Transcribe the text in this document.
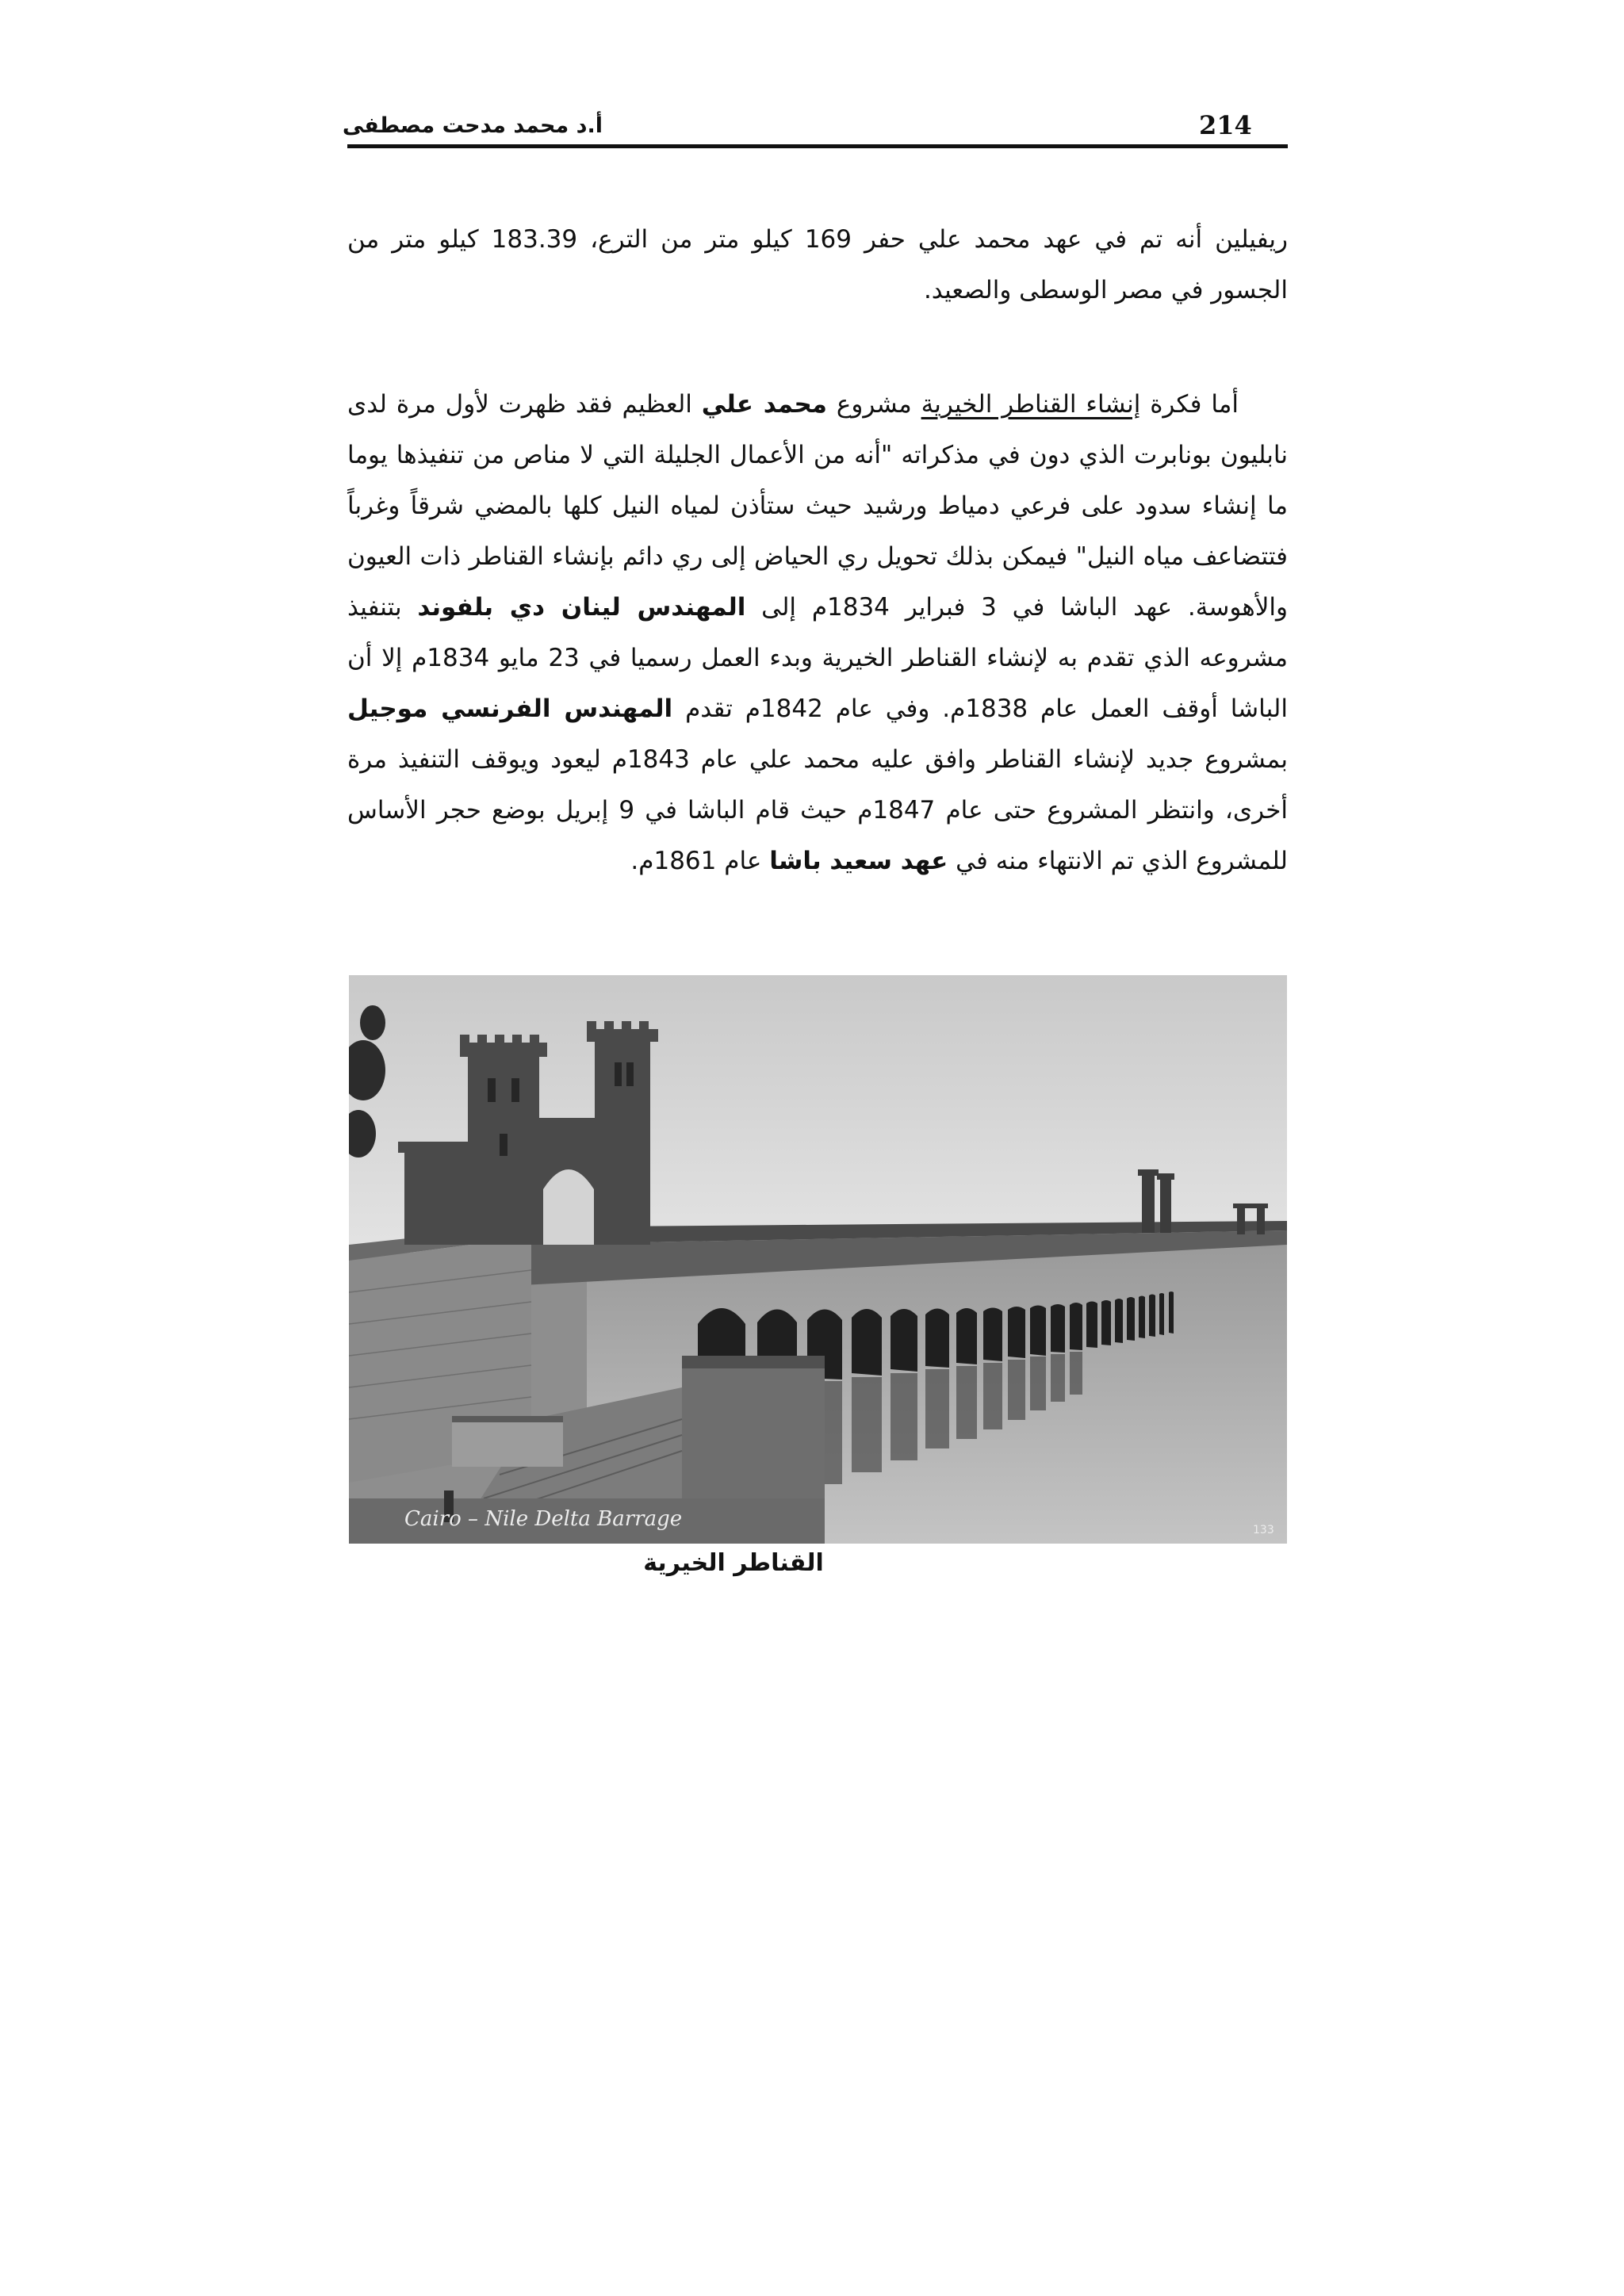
214
أ.د محمد مدحت مصطفى

ريفيلين أنه تم في عهد محمد علي حفر 169 كيلو متر من الترع، 183.39 كيلو متر من الجسور في مصر الوسطى والصعيد.

أما فكرة إنشاء القناطر الخيرية مشروع محمد علي العظيم فقد ظهرت لأول مرة لدى نابليون بونابرت الذي دون في مذكراته "أنه من الأعمال الجليلة التي لا مناص من تنفيذها يوما ما إنشاء سدود على فرعي دمياط ورشيد حيث ستأذن لمياه النيل كلها بالمضي شرقاً وغرباً فتتضاعف مياه النيل" فيمكن بذلك تحويل ري الحياض إلى ري دائم بإنشاء القناطر ذات العيون والأهوسة. عهد الباشا في 3 فبراير 1834م إلى المهندس لينان دي بلفوند بتنفيذ مشروعه الذي تقدم به لإنشاء القناطر الخيرية وبدء العمل رسميا في 23 مايو 1834م إلا أن الباشا أوقف العمل عام 1838م. وفي عام 1842م تقدم المهندس الفرنسي موجيل بمشروع جديد لإنشاء القناطر وافق عليه محمد علي عام 1843م ليعود ويوقف التنفيذ مرة أخرى، وانتظر المشروع حتى عام 1847م حيث قام الباشا في 9 إبريل بوضع حجر الأساس للمشروع الذي تم الانتهاء منه في عهد سعيد باشا عام 1861م.

Cairo – Nile Delta Barrage	133
القناطر الخيرية
